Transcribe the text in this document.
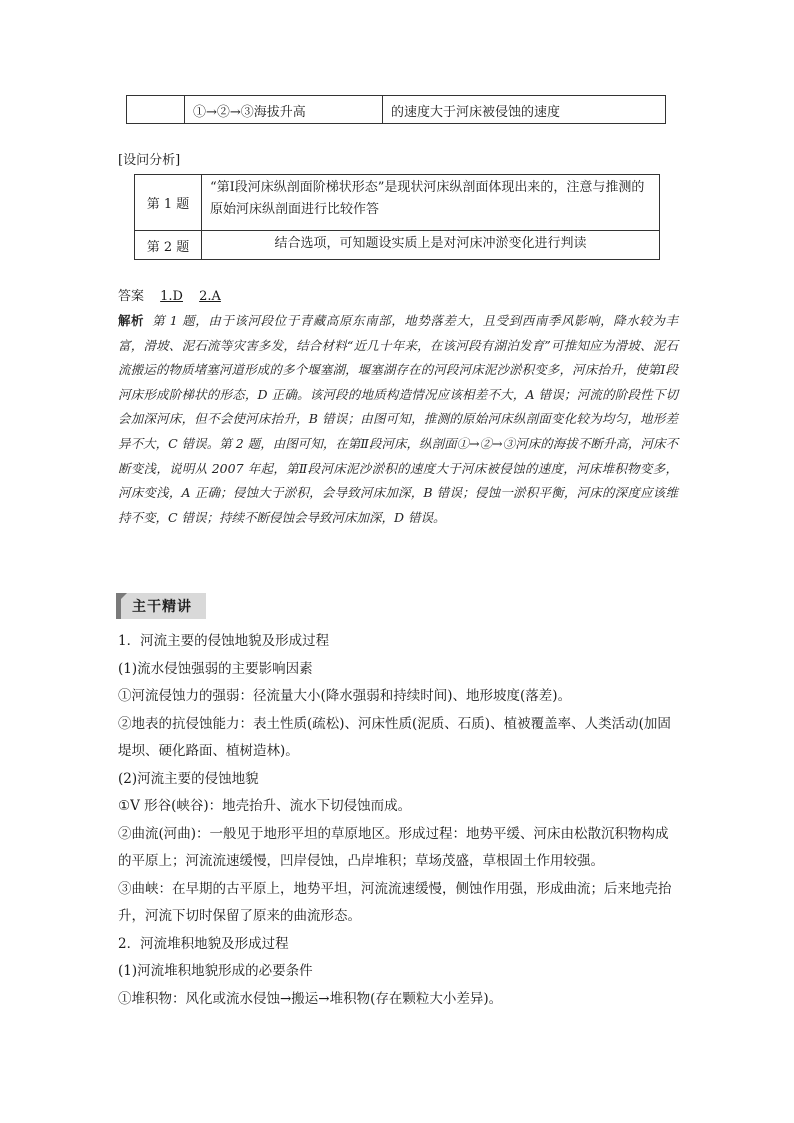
①→②→③海拔升高	的速度大于河床被侵蚀的速度
[设问分析]
第 1 题
“第Ⅰ段河床纵剖面阶梯状形态”是现状河床纵剖面体现出来的，注意与推测的原始河床纵剖面进行比较作答
第 2 题	结合选项，可知题设实质上是对河床冲淤变化进行判读
答案 1.D 2.A
解析 第 1 题，由于该河段位于青藏高原东南部，地势落差大，且受到西南季风影响，降水较为丰富，滑坡、泥石流等灾害多发，结合材料“近几十年来，在该河段有湖泊发育”可推知应为滑坡、泥石流搬运的物质堵塞河道形成的多个堰塞湖，堰塞湖存在的河段河床泥沙淤积变多，河床抬升，使第Ⅰ段河床形成阶梯状的形态，D 正确。该河段的地质构造情况应该相差不大，A 错误；河流的阶段性下切会加深河床，但不会使河床抬升，B 错误；由图可知，推测的原始河床纵剖面变化较为均匀，地形差异不大，C 错误。第 2 题，由图可知，在第Ⅱ段河床，纵剖面①→②→③河床的海拔不断升高，河床不断变浅，说明从 2007 年起，第Ⅱ段河床泥沙淤积的速度大于河床被侵蚀的速度，河床堆积物变多，河床变浅，A 正确；侵蚀大于淤积，会导致河床加深，B 错误；侵蚀一淤积平衡，河床的深度应该维持不变，C 错误；持续不断侵蚀会导致河床加深，D 错误。
主干精讲

1．河流主要的侵蚀地貌及形成过程

(1)流水侵蚀强弱的主要影响因素

①河流侵蚀力的强弱：径流量大小(降水强弱和持续时间)、地形坡度(落差)。

②地表的抗侵蚀能力：表土性质(疏松)、河床性质(泥质、石质)、植被覆盖率、人类活动(加固堤坝、硬化路面、植树造林)。

(2)河流主要的侵蚀地貌

①V 形谷(峡谷)：地壳抬升、流水下切侵蚀而成。

②曲流(河曲)：一般见于地形平坦的草原地区。形成过程：地势平缓、河床由松散沉积物构成的平原上；河流流速缓慢，凹岸侵蚀，凸岸堆积；草场茂盛，草根固土作用较强。

③曲峡：在早期的古平原上，地势平坦，河流流速缓慢，侧蚀作用强，形成曲流；后来地壳抬升，河流下切时保留了原来的曲流形态。

2．河流堆积地貌及形成过程

(1)河流堆积地貌形成的必要条件

①堆积物：风化或流水侵蚀→搬运→堆积物(存在颗粒大小差异)。
